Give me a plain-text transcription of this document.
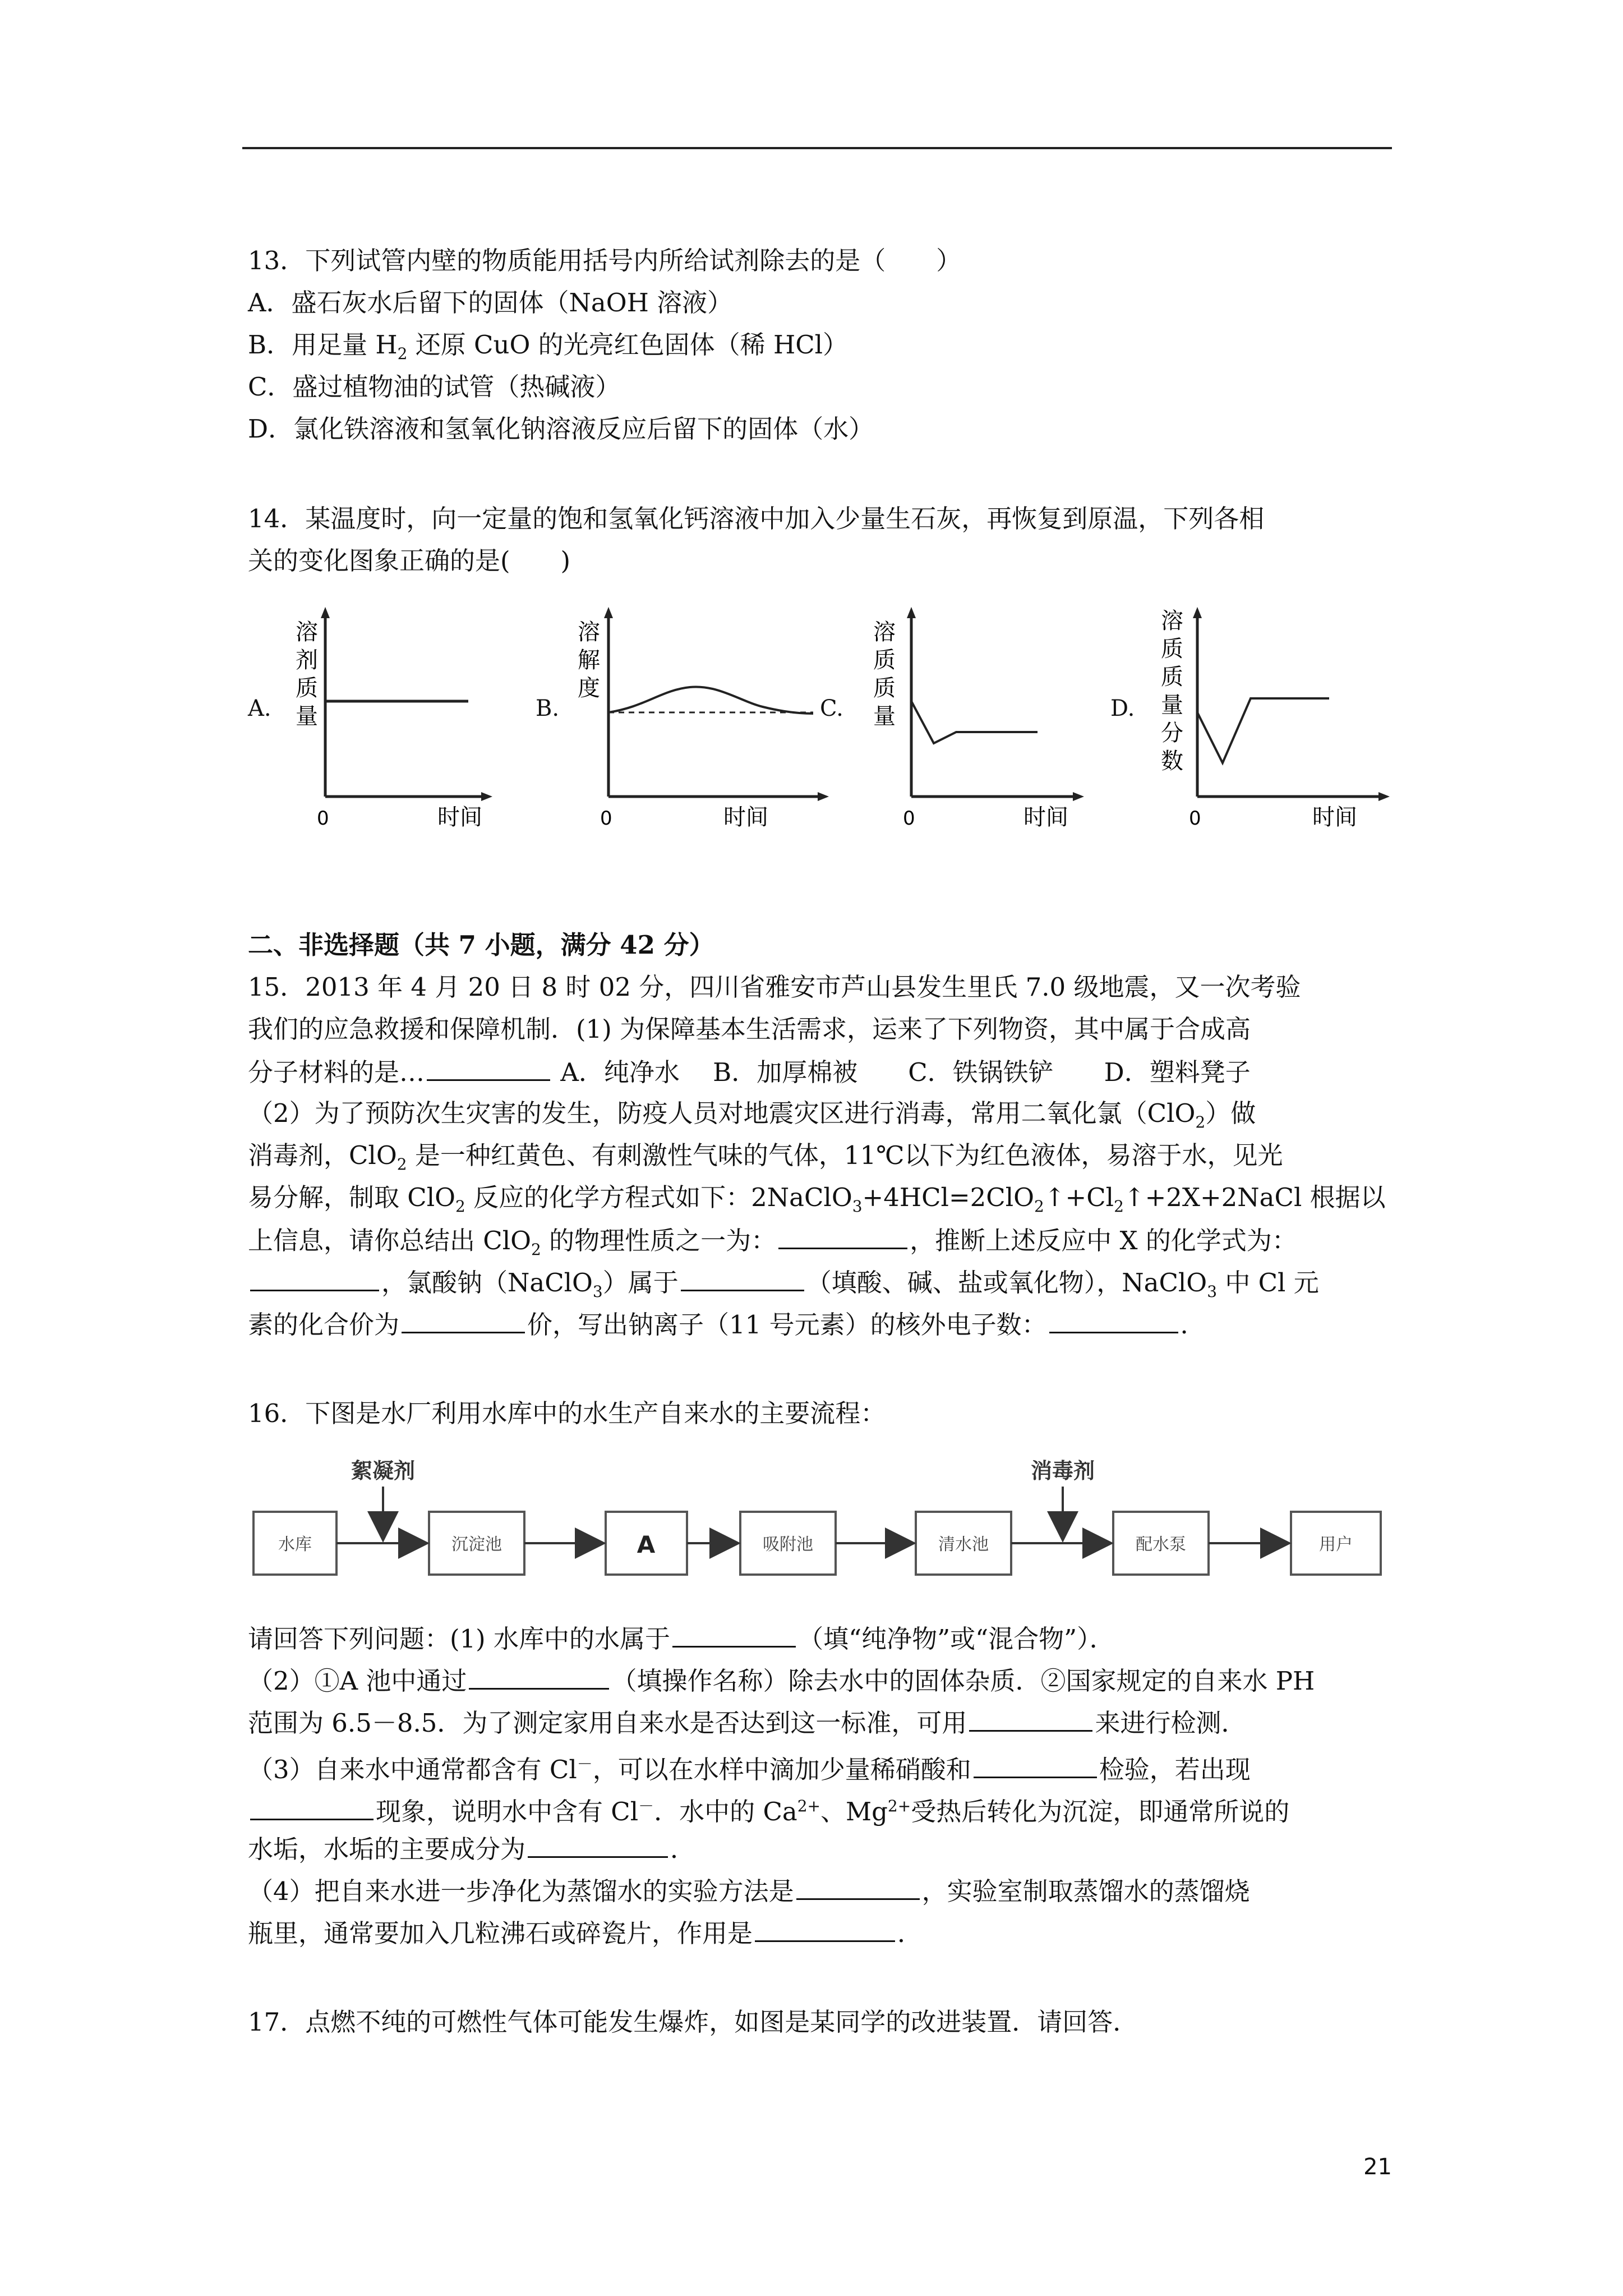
13．下列试管内壁的物质能用括号内所给试剂除去的是（　　）
A．盛石灰水后留下的固体（NaOH 溶液）
B．用足量 $H_2$ 还原 CuO 的光亮红色固体（稀 HCl）
C．盛过植物油的试管（热碱液）
D．氯化铁溶液和氢氧化钠溶液反应后留下的固体（水）
14．某温度时，向一定量的饱和氢氧化钙溶液中加入少量生石灰，再恢复到原温，下列各相
关的变化图象正确的是(　　)
A.
溶
剂
质
量
0	时间
B.
溶
解
度
0	时间
C.
溶
质
质
量
0	时间
D.
溶
质
质
量
分
数
0	时间
二、非选择题（共 7 小题，满分 42 分）
15．2013 年 4 月 20 日 8 时 02 分，四川省雅安市芦山县发生里氏 7.0 级地震，又一次考验
我们的应急救援和保障机制．(1) 为保障基本生活需求，运来了下列物资，其中属于合成高
分子材料的是…	A．纯净水　 B．加厚棉被　　C．铁锅铁铲　　D．塑料凳子
（2）为了预防次生灾害的发生，防疫人员对地震灾区进行消毒，常用二氧化氯（ClO$_2$）做
消毒剂，ClO$_2$ 是一种红黄色、有刺激性气味的气体，11℃以下为红色液体，易溶于水，见光
易分解，制取 ClO$_2$ 反应的化学方程式如下：$2NaClO_3+4HCl=2ClO_2↑+Cl_2↑+2X+2NaCl$ 根据以
上信息，请你总结出 ClO$_2$ 的物理性质之一为：	，推断上述反应中 X 的化学式为：
，氯酸钠（NaClO$_3$）属于	（填酸、碱、盐或氧化物），NaClO$_3$ 中 Cl 元
素的化合价为	价，写出钠离子（11 号元素）的核外电子数：	．
16．下图是水厂利用水库中的水生产自来水的主要流程：
水库	沉淀池	A	吸附池	清水池	配水泵	用户
絮凝剂	消毒剂
请回答下列问题：(1) 水库中的水属于	（填“纯净物”或“混合物”）．
（2）①A 池中通过	（填操作名称）除去水中的固体杂质．②国家规定的自来水 PH
范围为 6.5－8.5．为了测定家用自来水是否达到这一标准，可用	来进行检测．
（3）自来水中通常都含有 Cl－，可以在水样中滴加少量稀硝酸和	检验，若出现
现象，说明水中含有 Cl－．水中的 $Ca^{2+}$、$Mg^{2+}$受热后转化为沉淀，即通常所说的
水垢，水垢的主要成分为	．
（4）把自来水进一步净化为蒸馏水的实验方法是	，实验室制取蒸馏水的蒸馏烧
瓶里，通常要加入几粒沸石或碎瓷片，作用是	．
17．点燃不纯的可燃性气体可能发生爆炸，如图是某同学的改进装置．请回答．
21
